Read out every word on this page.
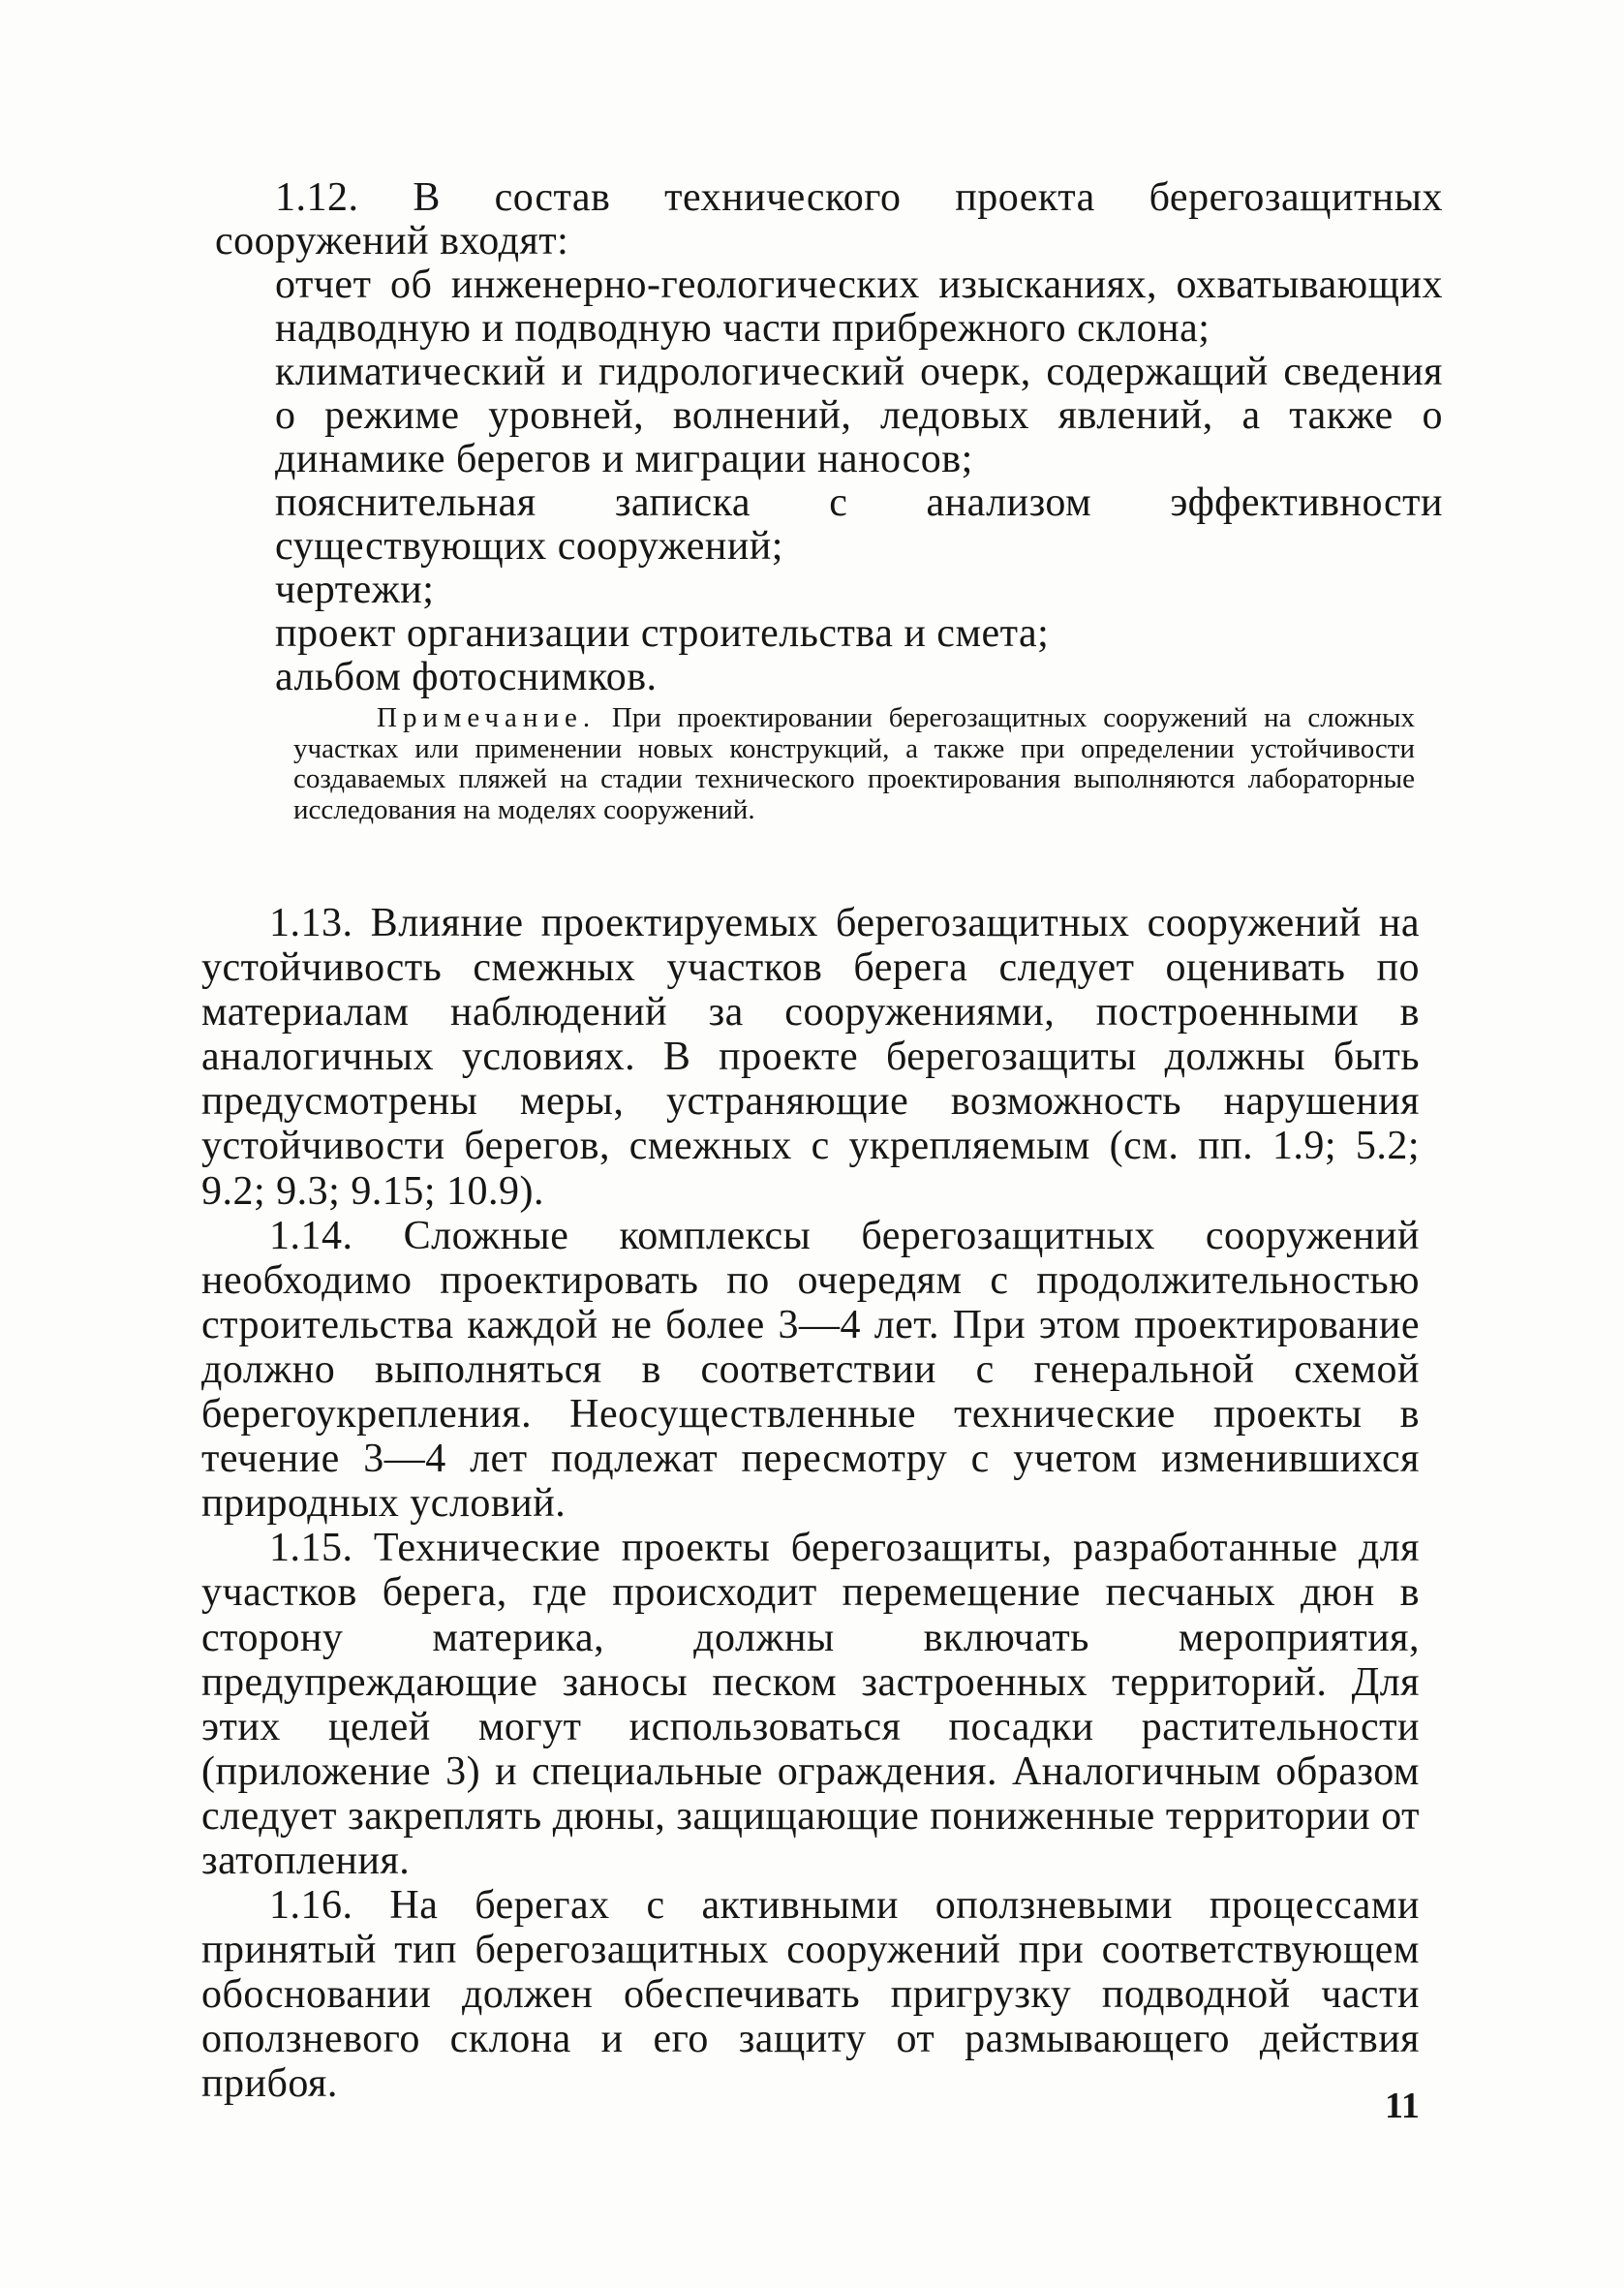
1.12. В состав технического проекта берегозащитных сооружений входят:

отчет об инженерно-геологических изысканиях, охватывающих надводную и подводную части прибрежного склона;

климатический и гидрологический очерк, содержащий сведения о режиме уровней, волнений, ледовых явлений, а также о динамике берегов и миграции наносов;

пояснительная записка с анализом эффективности существующих сооружений;

чертежи;

проект организации строительства и смета;

альбом фотоснимков.

Примечание. При проектировании берегозащитных сооружений на сложных участках или применении новых конструкций, а также при определении устойчивости создаваемых пляжей на стадии технического проектирования выполняются лабораторные исследования на моделях сооружений.

1.13. Влияние проектируемых берегозащитных сооружений на устойчивость смежных участков берега следует оценивать по материалам наблюдений за сооружениями, построенными в аналогичных условиях. В проекте берегозащиты должны быть предусмотрены меры, устраняющие возможность нарушения устойчивости берегов, смежных с укрепляемым (см. пп. 1.9; 5.2; 9.2; 9.3; 9.15; 10.9).

1.14. Сложные комплексы берегозащитных сооружений необходимо проектировать по очередям с продолжительностью строительства каждой не более 3—4 лет. При этом проектирование должно выполняться в соответствии с генеральной схемой берегоукрепления. Неосуществленные технические проекты в течение 3—4 лет подлежат пересмотру с учетом изменившихся природных условий.

1.15. Технические проекты берегозащиты, разработанные для участков берега, где происходит перемещение песчаных дюн в сторону материка, должны включать мероприятия, предупреждающие заносы песком застроенных территорий. Для этих целей могут использоваться посадки растительности (приложение 3) и специальные ограждения. Аналогичным образом следует закреплять дюны, защищающие пониженные территории от затопления.

1.16. На берегах с активными оползневыми процессами принятый тип берегозащитных сооружений при соответствующем обосновании должен обеспечивать пригрузку подводной части оползневого склона и его защиту от размывающего действия прибоя.	11
